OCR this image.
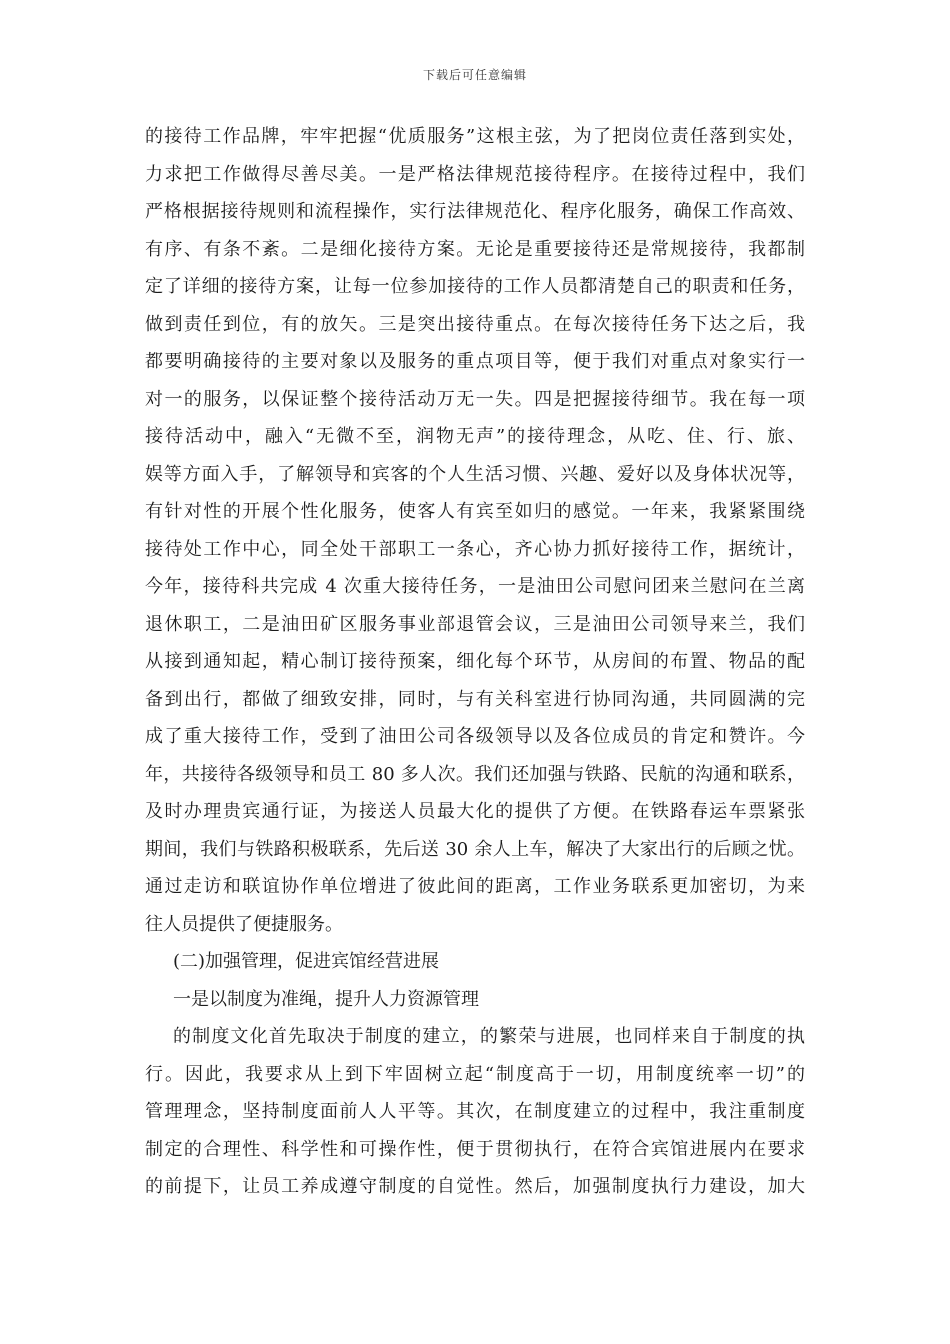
下载后可任意编辑
的接待工作品牌，牢牢把握“优质服务”这根主弦，为了把岗位责任落到实处，
力求把工作做得尽善尽美。一是严格法律规范接待程序。在接待过程中，我们
严格根据接待规则和流程操作，实行法律规范化、程序化服务，确保工作高效、
有序、有条不紊。二是细化接待方案。无论是重要接待还是常规接待，我都制
定了详细的接待方案，让每一位参加接待的工作人员都清楚自己的职责和任务，
做到责任到位，有的放矢。三是突出接待重点。在每次接待任务下达之后，我
都要明确接待的主要对象以及服务的重点项目等，便于我们对重点对象实行一
对一的服务，以保证整个接待活动万无一失。四是把握接待细节。我在每一项
接待活动中，融入“无微不至，润物无声”的接待理念，从吃、住、行、旅、
娱等方面入手，了解领导和宾客的个人生活习惯、兴趣、爱好以及身体状况等，
有针对性的开展个性化服务，使客人有宾至如归的感觉。一年来，我紧紧围绕
接待处工作中心，同全处干部职工一条心，齐心协力抓好接待工作，据统计，
今年，接待科共完成 4 次重大接待任务，一是油田公司慰问团来兰慰问在兰离
退休职工，二是油田矿区服务事业部退管会议，三是油田公司领导来兰，我们
从接到通知起，精心制订接待预案，细化每个环节，从房间的布置、物品的配
备到出行，都做了细致安排，同时，与有关科室进行协同沟通，共同圆满的完
成了重大接待工作，受到了油田公司各级领导以及各位成员的肯定和赞许。今
年，共接待各级领导和员工 80 多人次。我们还加强与铁路、民航的沟通和联系，
及时办理贵宾通行证，为接送人员最大化的提供了方便。在铁路春运车票紧张
期间，我们与铁路积极联系，先后送 30 余人上车，解决了大家出行的后顾之忧。
通过走访和联谊协作单位增进了彼此间的距离，工作业务联系更加密切，为来
往人员提供了便捷服务。
(二)加强管理，促进宾馆经营进展
一是以制度为准绳，提升人力资源管理
的制度文化首先取决于制度的建立，的繁荣与进展，也同样来自于制度的执
行。因此，我要求从上到下牢固树立起“制度高于一切，用制度统率一切”的
管理理念，坚持制度面前人人平等。其次，在制度建立的过程中，我注重制度
制定的合理性、科学性和可操作性，便于贯彻执行，在符合宾馆进展内在要求
的前提下，让员工养成遵守制度的自觉性。然后，加强制度执行力建设，加大
